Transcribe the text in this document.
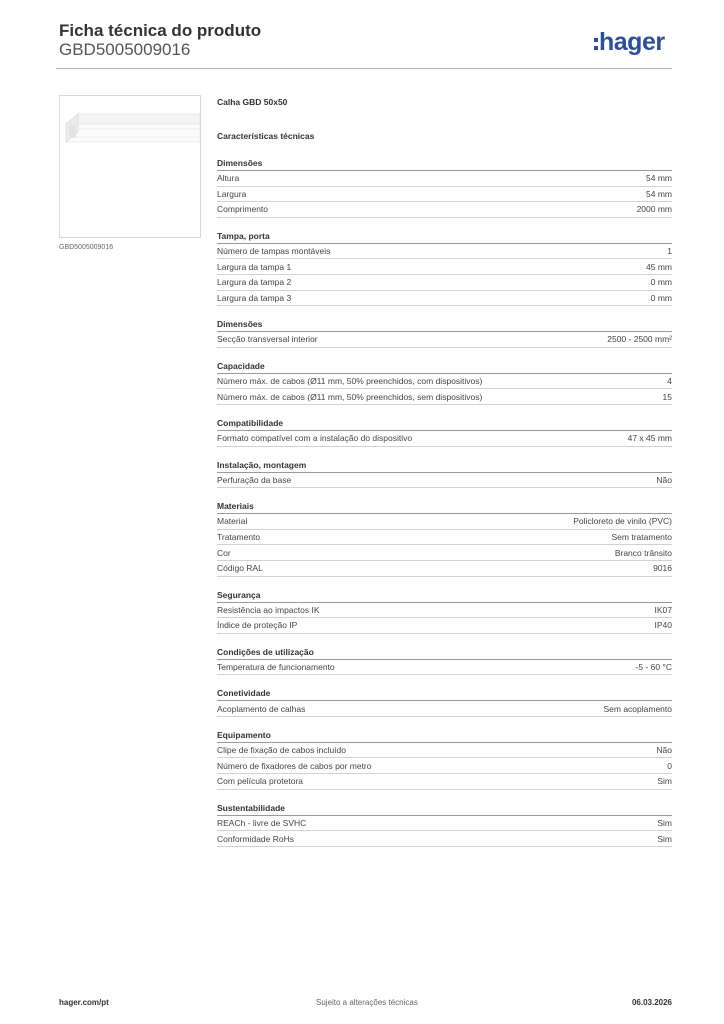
Ficha técnica do produto
GBD5005009016	hager
GBD5005009016
Calha GBD 50x50
Características técnicas
Dimensões
Altura	54 mm
Largura	54 mm
Comprimento	2000 mm
Tampa, porta
Número de tampas montáveis	1
Largura da tampa 1	45 mm
Largura da tampa 2	0 mm
Largura da tampa 3	0 mm
Dimensões
Secção transversal interior	2500 - 2500 mm²
Capacidade
Número máx. de cabos (Ø11 mm, 50% preenchidos, com dispositivos)	4
Número máx. de cabos (Ø11 mm, 50% preenchidos, sem dispositivos)	15
Compatibilidade
Formato compatível com a instalação do dispositivo	47 x 45 mm
Instalação, montagem
Perfuração da base	Não
Materiais
Material	Policloreto de vinilo (PVC)
Tratamento	Sem tratamento
Cor	Branco trânsito
Código RAL	9016
Segurança
Resistência ao impactos IK	IK07
Índice de proteção IP	IP40
Condições de utilização
Temperatura de funcionamento	-5 - 60 °C
Conetividade
Acoplamento de calhas	Sem acoplamento
Equipamento
Clipe de fixação de cabos incluído	Não
Número de fixadores de cabos por metro	0
Com película protetora	Sim
Sustentabilidade
REACh - livre de SVHC	Sim
Conformidade RoHs	Sim
hager.com/pt	Sujeito a alterações técnicas	06.03.2026
